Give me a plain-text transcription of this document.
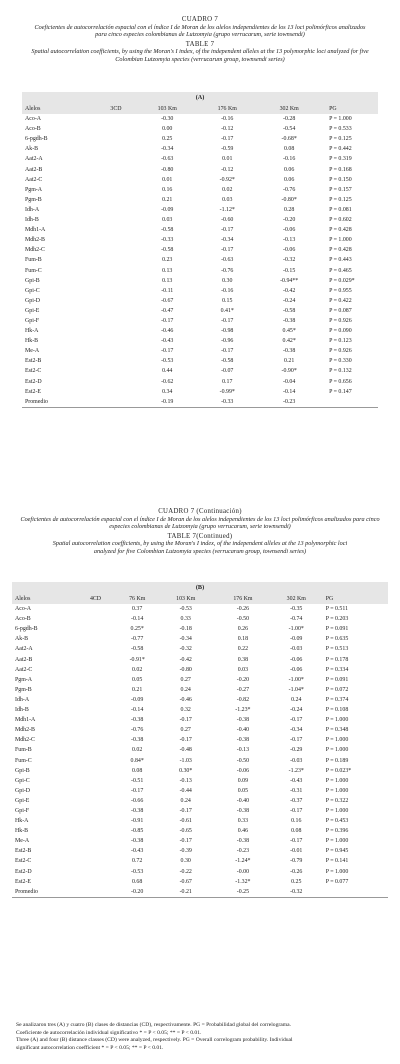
CUADRO 7
Coeficientes de autocorrelación espacial con el índice I de Moran de los alelos independientes de los 13 loci polimórficos analizados para cinco especies colombianas de Lutzomyia (grupo verrucarum, serie townsendi)
TABLE 7
Spatial autocorrelation coefficients, by using the Moran's I index, of the independent alleles at the 13 polymorphic loci analyzed for five Colombian Lutzomyia species (verrucarum group, townsendi series)
(A)					
Alelos	3CD	103 Km	176 Km	302 Km	PG
Aco-A		-0.30	-0.16	-0.28	P = 1.000
Aco-B		0.00	-0.12	-0.54	P = 0.533
6-pgdh-B		0.25	-0.17	-0.68*	P = 0.125
Ak-B		-0.34	-0.59	0.08	P = 0.442
Aat2-A		-0.63	0.01	-0.16	P = 0.319
Aat2-B		-0.80	-0.12	0.06	P = 0.168
Aat2-C		0.01	-0.92*	0.06	P = 0.150
Pgm-A		0.16	0.02	-0.76	P = 0.157
Pgm-B		0.21	0.03	-0.80*	P = 0.125
Idh-A		-0.09	-1.12*	0.28	P = 0.081
Idh-B		0.03	-0.60	-0.20	P = 0.602
Mdh1-A		-0.58	-0.17	-0.06	P = 0.428
Mdh2-B		-0.33	-0.34	-0.13	P = 1.000
Mdh2-C		-0.58	-0.17	-0.06	P = 0.428
Fum-B		0.23	-0.63	-0.32	P = 0.443
Fum-C		0.13	-0.76	-0.15	P = 0.465
Gpi-B		0.13	0.30	-0.94**	P = 0.029*
Gpi-C		-0.11	-0.16	-0.42	P = 0.955
Gpi-D		-0.67	0.15	-0.24	P = 0.422
Gpi-E		-0.47	0.41*	-0.58	P = 0.087
Gpi-F		-0.17	-0.17	-0.38	P = 0.926
Hk-A		-0.46	-0.98	0.45*	P = 0.090
Hk-B		-0.43	-0.96	0.42*	P = 0.123
Me-A		-0.17	-0.17	-0.38	P = 0.926
Est2-B		-0.53	-0.58	0.21	P = 0.330
Est2-C		0.44	-0.07	-0.90*	P = 0.132
Est2-D		-0.62	0.17	-0.04	P = 0.656
Est2-E		0.34	-0.99*	-0.14	P = 0.147
Promedio		-0.19	-0.33	-0.23	
CUADRO 7 (Continuación)
Coeficientes de autocorrelación espacial con el índice I de Moran de los alelos independientes de los 13 loci polimórficos analizados para cinco especies colombianas de Lutzomyia (grupo verrucarum, serie townsendi)
TABLE 7(Continued)
Spatial autocorrelation coefficients, by using the Moran's I index, of the independent alleles at the 13 polymorphic loci analyzed for five Colombian Lutzomyia species (verrucarum group, townsendi series)
(B)						
Alelos	4CD	76 Km	103 Km	176 Km	302 Km	PG
Aco-A		0.37	-0.53	-0.26	-0.35	P = 0.511
Aco-B		-0.14	0.33	-0.50	-0.74	P = 0.203
6-pgdh-B		0.25*	-0.18	0.26	-1.00*	P = 0.091
Ak-B		-0.77	-0.34	0.18	-0.09	P = 0.635
Aat2-A		-0.58	-0.32	0.22	-0.03	P = 0.513
Aat2-B		-0.91*	-0.42	0.38	-0.06	P = 0.178
Aat2-C		0.02	-0.80	0.03	-0.06	P = 0.334
Pgm-A		0.05	0.27	-0.20	-1.00*	P = 0.091
Pgm-B		0.21	0.24	-0.27	-1.04*	P = 0.072
Idh-A		-0.09	-0.46	-0.82	0.24	P = 0.374
Idh-B		-0.14	0.32	-1.23*	-0.24	P = 0.108
Mdh1-A		-0.38	-0.17	-0.38	-0.17	P = 1.000
Mdh2-B		-0.76	0.27	-0.40	-0.34	P = 0.348
Mdh2-C		-0.38	-0.17	-0.38	-0.17	P = 1.000
Fum-B		0.02	-0.48	-0.13	-0.29	P = 1.000
Fum-C		0.84*	-1.03	-0.50	-0.03	P = 0.189
Gpi-B		0.08	0.30*	-0.06	-1.23*	P = 0.023*
Gpi-C		-0.51	-0.13	0.09	-0.43	P = 1.000
Gpi-D		-0.17	-0.44	0.05	-0.31	P = 1.000
Gpi-E		-0.66	0.24	-0.40	-0.37	P = 0.322
Gpi-F		-0.38	-0.17	-0.38	-0.17	P = 1.000
Hk-A		-0.91	-0.61	0.33	0.16	P = 0.453
Hk-B		-0.85	-0.65	0.46	0.08	P = 0.396
Me-A		-0.38	-0.17	-0.38	-0.17	P = 1.000
Est2-B		-0.43	-0.39	-0.23	-0.01	P = 0.945
Est2-C		0.72	0.30	-1.24*	-0.79	P = 0.141
Est2-D		-0.53	-0.22	-0.00	-0.26	P = 1.000
Est2-E		0.68	-0.67	-1.32*	0.25	P = 0.077
Promedio		-0.20	-0.21	-0.25	-0.32	
Se analizaron tres (A) y cuatro (B) clases de distancias (CD), respectivamente. PG = Probabilidad global del correlograma.
Coeficiente de autocorrelación individual significativo * = P < 0.05; ** = P < 0.01.
Three (A) and four (B) distance classes (CD) were analyzed, respectively. PG = Overall correlogram probability. Individual
significant autocorrelation coefficient * = P < 0.05; ** = P < 0.01.
